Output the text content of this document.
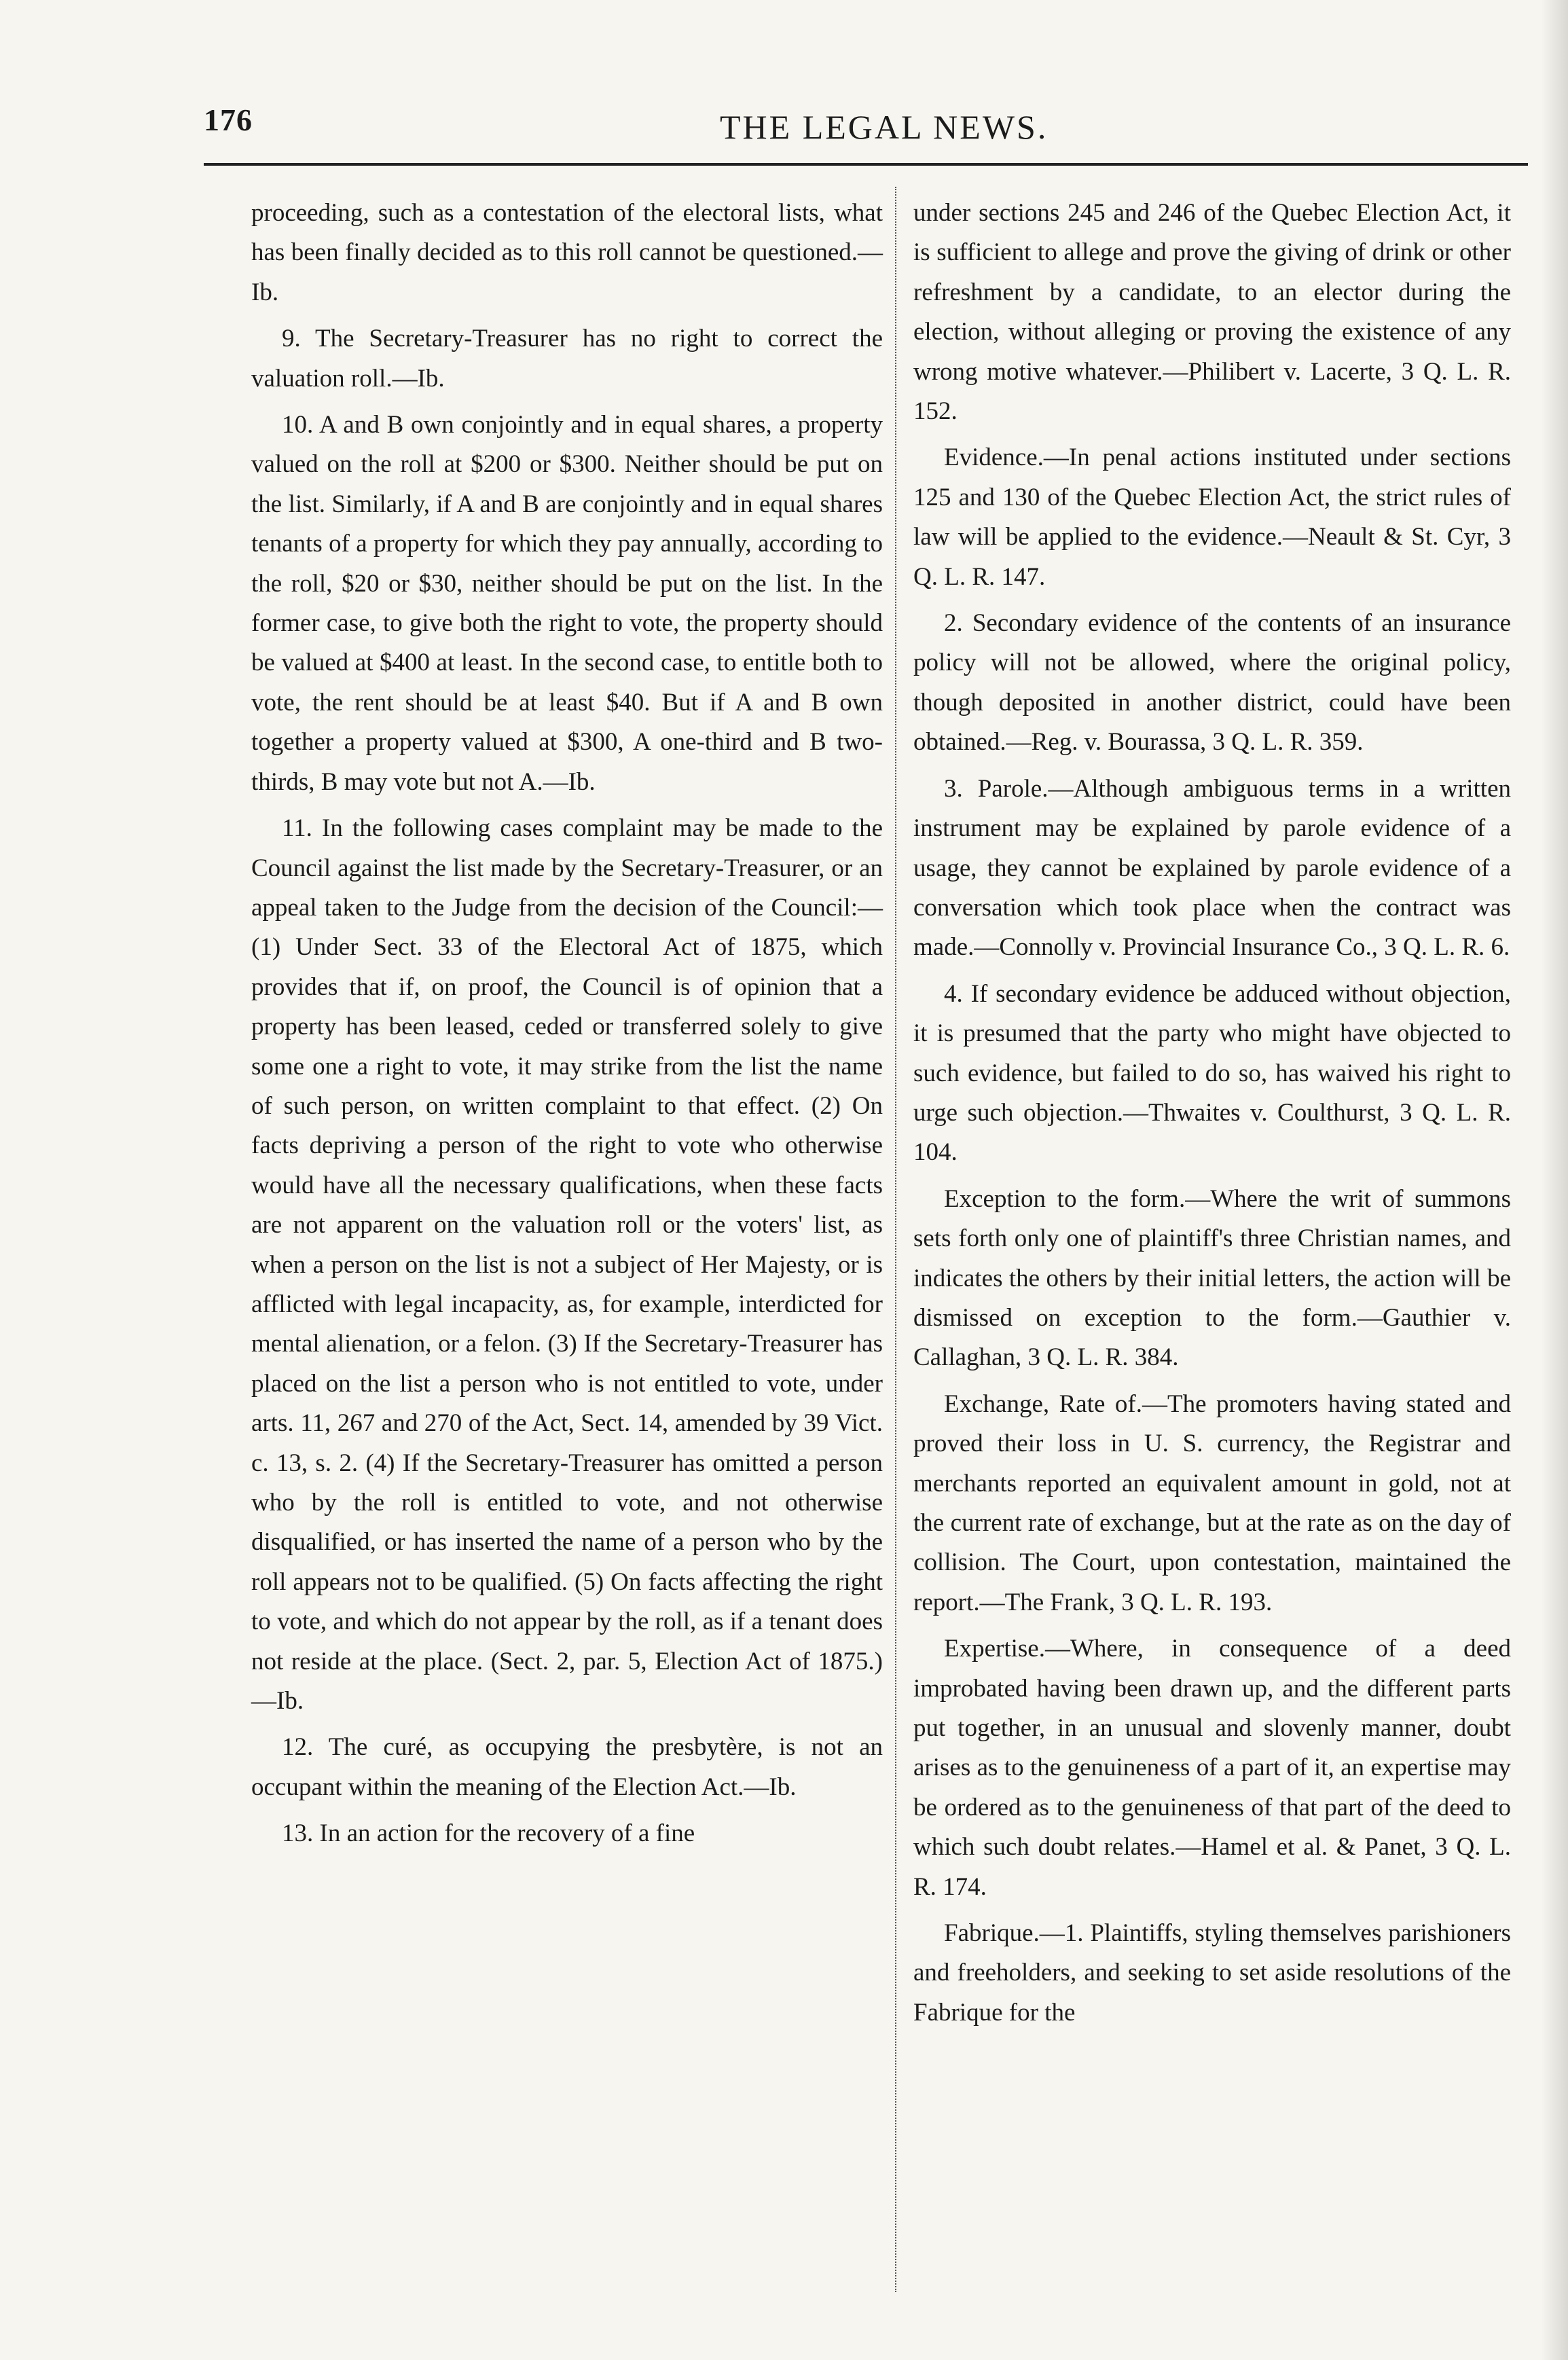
176	THE LEGAL NEWS.

proceeding, such as a contestation of the electoral lists, what has been finally decided as to this roll cannot be questioned.—Ib.

9. The Secretary-Treasurer has no right to correct the valuation roll.—Ib.

10. A and B own conjointly and in equal shares, a property valued on the roll at $200 or $300. Neither should be put on the list. Similarly, if A and B are conjointly and in equal shares tenants of a property for which they pay annually, according to the roll, $20 or $30, neither should be put on the list. In the former case, to give both the right to vote, the property should be valued at $400 at least. In the second case, to entitle both to vote, the rent should be at least $40. But if A and B own together a property valued at $300, A one-third and B two-thirds, B may vote but not A.—Ib.

11. In the following cases complaint may be made to the Council against the list made by the Secretary-Treasurer, or an appeal taken to the Judge from the decision of the Council:—(1) Under Sect. 33 of the Electoral Act of 1875, which provides that if, on proof, the Council is of opinion that a property has been leased, ceded or transferred solely to give some one a right to vote, it may strike from the list the name of such person, on written complaint to that effect. (2) On facts depriving a person of the right to vote who otherwise would have all the necessary qualifications, when these facts are not apparent on the valuation roll or the voters' list, as when a person on the list is not a subject of Her Majesty, or is afflicted with legal incapacity, as, for example, interdicted for mental alienation, or a felon. (3) If the Secretary-Treasurer has placed on the list a person who is not entitled to vote, under arts. 11, 267 and 270 of the Act, Sect. 14, amended by 39 Vict. c. 13, s. 2. (4) If the Secretary-Treasurer has omitted a person who by the roll is entitled to vote, and not otherwise disqualified, or has inserted the name of a person who by the roll appears not to be qualified. (5) On facts affecting the right to vote, and which do not appear by the roll, as if a tenant does not reside at the place. (Sect. 2, par. 5, Election Act of 1875.)—Ib.

12. The curé, as occupying the presbytère, is not an occupant within the meaning of the Election Act.—Ib.

13. In an action for the recovery of a fine

under sections 245 and 246 of the Quebec Election Act, it is sufficient to allege and prove the giving of drink or other refreshment by a candidate, to an elector during the election, without alleging or proving the existence of any wrong motive whatever.—Philibert v. Lacerte, 3 Q. L. R. 152.

Evidence.—In penal actions instituted under sections 125 and 130 of the Quebec Election Act, the strict rules of law will be applied to the evidence.—Neault & St. Cyr, 3 Q. L. R. 147.

2. Secondary evidence of the contents of an insurance policy will not be allowed, where the original policy, though deposited in another district, could have been obtained.—Reg. v. Bourassa, 3 Q. L. R. 359.

3. Parole.—Although ambiguous terms in a written instrument may be explained by parole evidence of a usage, they cannot be explained by parole evidence of a conversation which took place when the contract was made.—Connolly v. Provincial Insurance Co., 3 Q. L. R. 6.

4. If secondary evidence be adduced without objection, it is presumed that the party who might have objected to such evidence, but failed to do so, has waived his right to urge such objection.—Thwaites v. Coulthurst, 3 Q. L. R. 104.

Exception to the form.—Where the writ of summons sets forth only one of plaintiff's three Christian names, and indicates the others by their initial letters, the action will be dismissed on exception to the form.—Gauthier v. Callaghan, 3 Q. L. R. 384.

Exchange, Rate of.—The promoters having stated and proved their loss in U. S. currency, the Registrar and merchants reported an equivalent amount in gold, not at the current rate of exchange, but at the rate as on the day of collision. The Court, upon contestation, maintained the report.—The Frank, 3 Q. L. R. 193.

Expertise.—Where, in consequence of a deed improbated having been drawn up, and the different parts put together, in an unusual and slovenly manner, doubt arises as to the genuineness of a part of it, an expertise may be ordered as to the genuineness of that part of the deed to which such doubt relates.—Hamel et al. & Panet, 3 Q. L. R. 174.

Fabrique.—1. Plaintiffs, styling themselves parishioners and freeholders, and seeking to set aside resolutions of the Fabrique for the
